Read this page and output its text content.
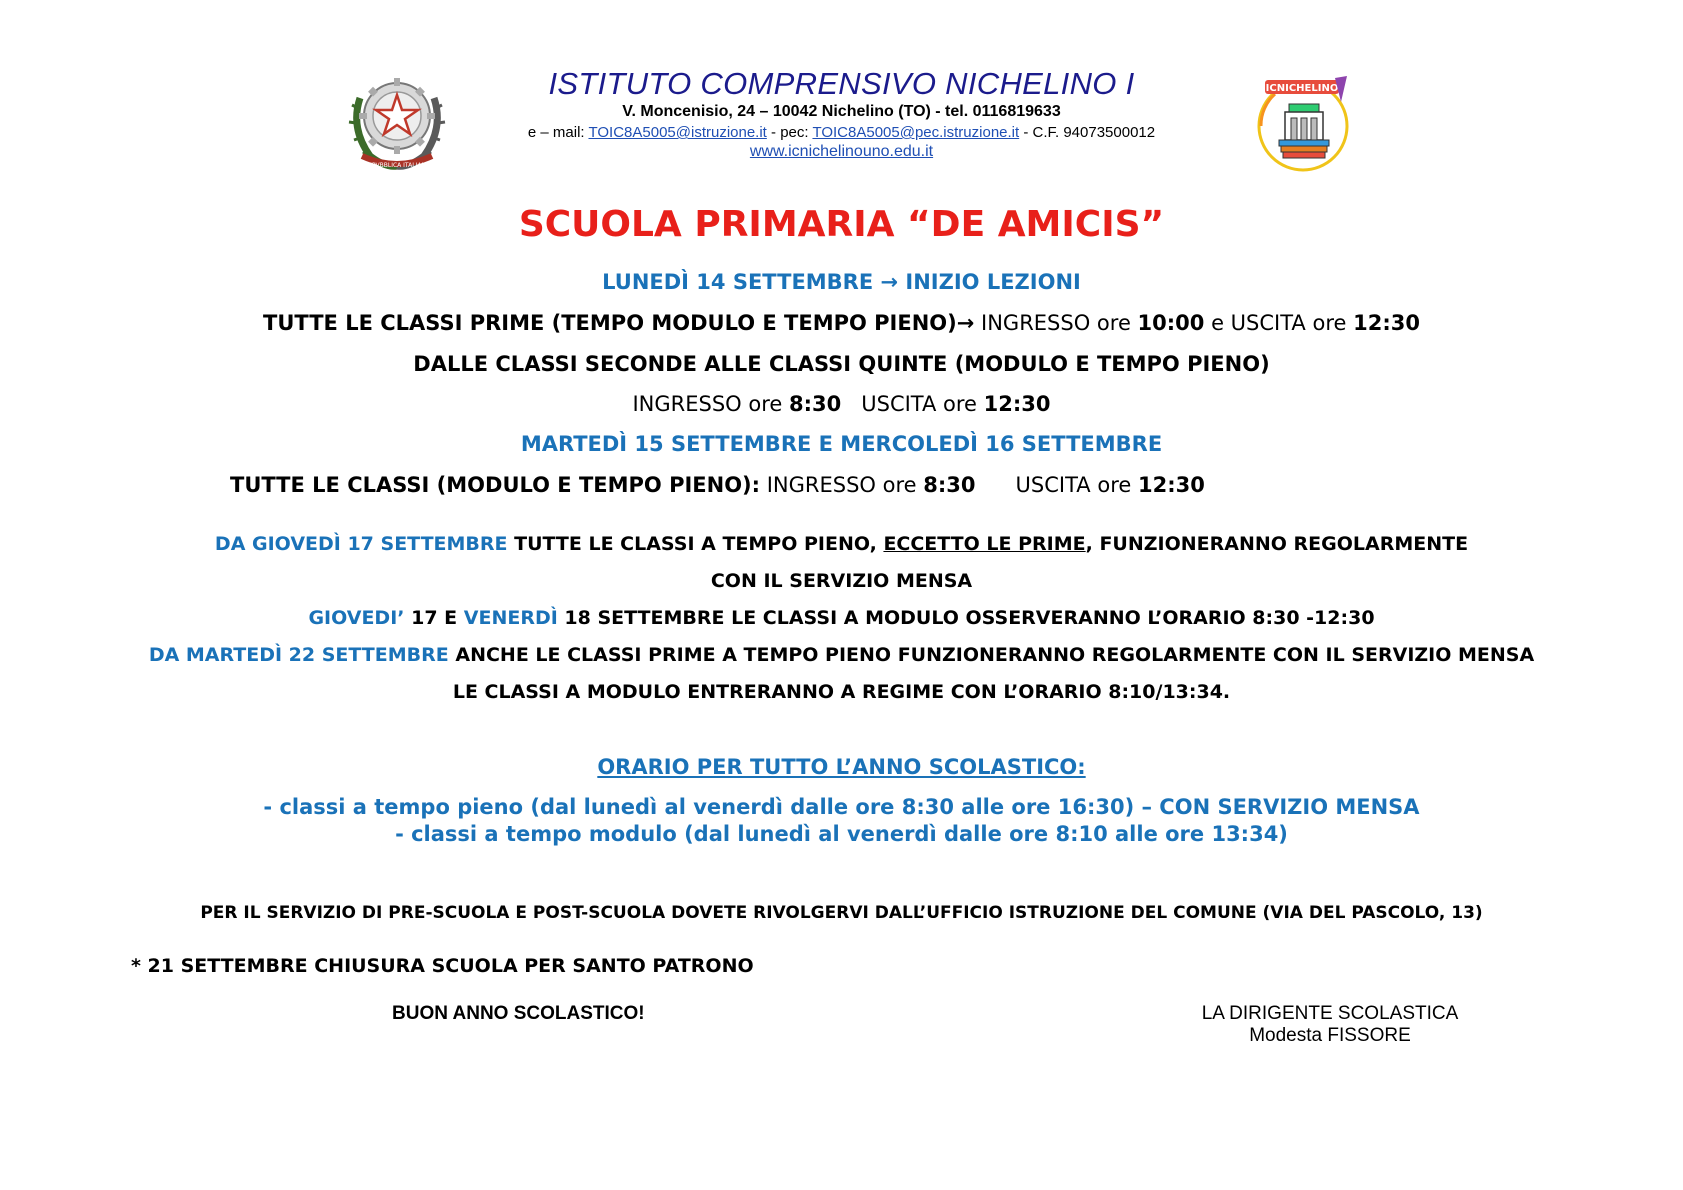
REPVBBLICA ITALIANA
ICNICHELINO
ISTITUTO COMPRENSIVO NICHELINO I
V. Moncenisio, 24 – 10042 Nichelino (TO) - tel. 0116819633
e – mail: TOIC8A5005@istruzione.it - pec: TOIC8A5005@pec.istruzione.it - C.F. 94073500012
www.icnichelinouno.edu.it
SCUOLA PRIMARIA “DE AMICIS”
LUNEDÌ 14 SETTEMBRE → INIZIO LEZIONI
TUTTE LE CLASSI PRIME (TEMPO MODULO E TEMPO PIENO)→ INGRESSO ore 10:00 e USCITA ore 12:30
DALLE CLASSI SECONDE ALLE CLASSI QUINTE (MODULO E TEMPO PIENO)
INGRESSO ore 8:30   USCITA ore 12:30
MARTEDÌ 15 SETTEMBRE E MERCOLEDÌ 16 SETTEMBRE
TUTTE LE CLASSI (MODULO E TEMPO PIENO): INGRESSO ore 8:30      USCITA ore 12:30
DA GIOVEDÌ 17 SETTEMBRE TUTTE LE CLASSI A TEMPO PIENO, ECCETTO LE PRIME, FUNZIONERANNO REGOLARMENTE
CON IL SERVIZIO MENSA
GIOVEDI’ 17 E VENERDÌ 18 SETTEMBRE LE CLASSI A MODULO OSSERVERANNO L’ORARIO 8:30 -12:30
DA MARTEDÌ 22 SETTEMBRE ANCHE LE CLASSI PRIME A TEMPO PIENO FUNZIONERANNO REGOLARMENTE CON IL SERVIZIO MENSA
LE CLASSI A MODULO ENTRERANNO A REGIME CON L’ORARIO 8:10/13:34.
ORARIO PER TUTTO L’ANNO SCOLASTICO:
- classi a tempo pieno (dal lunedì al venerdì dalle ore 8:30 alle ore 16:30) – CON SERVIZIO MENSA
- classi a tempo modulo (dal lunedì al venerdì dalle ore 8:10 alle ore 13:34)
PER IL SERVIZIO DI PRE-SCUOLA E POST-SCUOLA DOVETE RIVOLGERVI DALL’UFFICIO ISTRUZIONE DEL COMUNE (VIA DEL PASCOLO, 13)
* 21 SETTEMBRE CHIUSURA SCUOLA PER SANTO PATRONO
BUON ANNO SCOLASTICO!	LA DIRIGENTE SCOLASTICA
Modesta FISSORE
